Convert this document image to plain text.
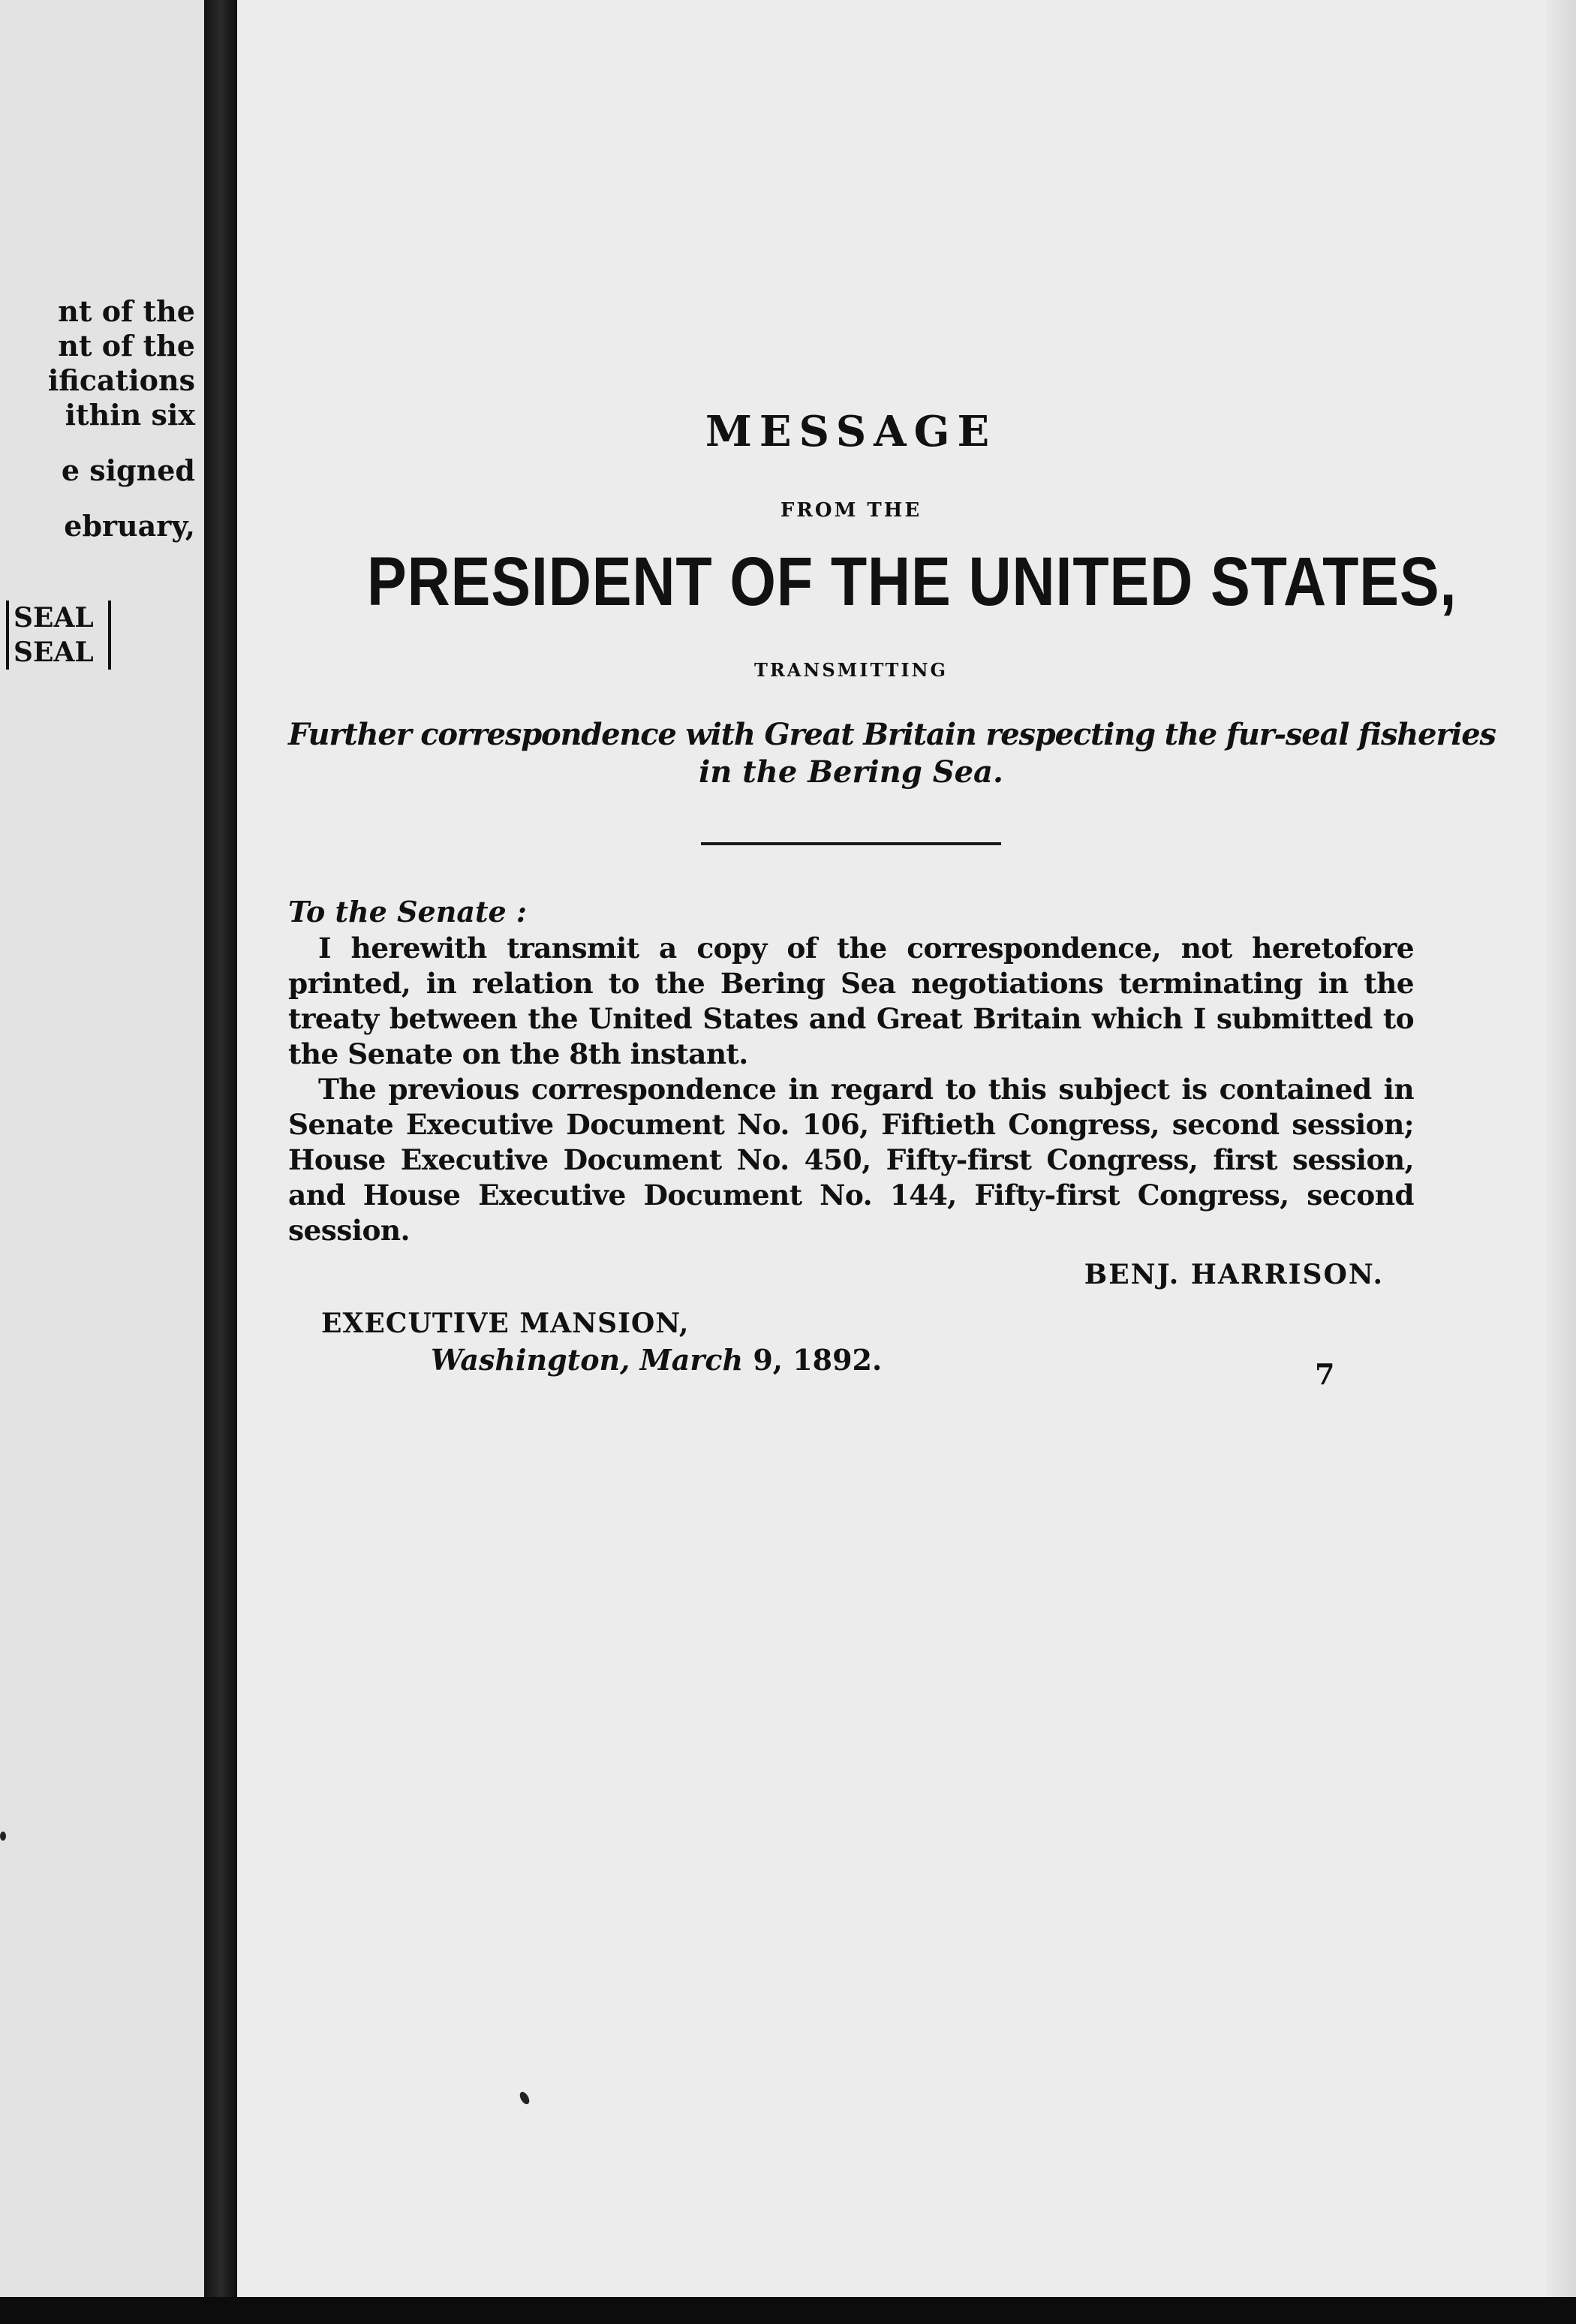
nt of the
nt of the
ifications
ithin six
e signed
ebruary,
SEAL
SEAL
MESSAGE
FROM THE
PRESIDENT OF THE UNITED STATES,
TRANSMITTING
Further correspondence with Great Britain respecting the fur-seal fisheries
in the Bering Sea.
To the Senate :

I herewith transmit a copy of the correspondence, not heretofore printed, in relation to the Bering Sea negotiations terminating in the treaty between the United States and Great Britain which I submitted to the Senate on the 8th instant.

The previous correspondence in regard to this subject is contained in Senate Executive Document No. 106, Fiftieth Congress, second session; House Executive Document No. 450, Fifty-first Congress, first session, and House Executive Document No. 144, Fifty-first Congress, second session.

BENJ. HARRISON.
EXECUTIVE MANSION,
Washington, March 9, 1892.	7
